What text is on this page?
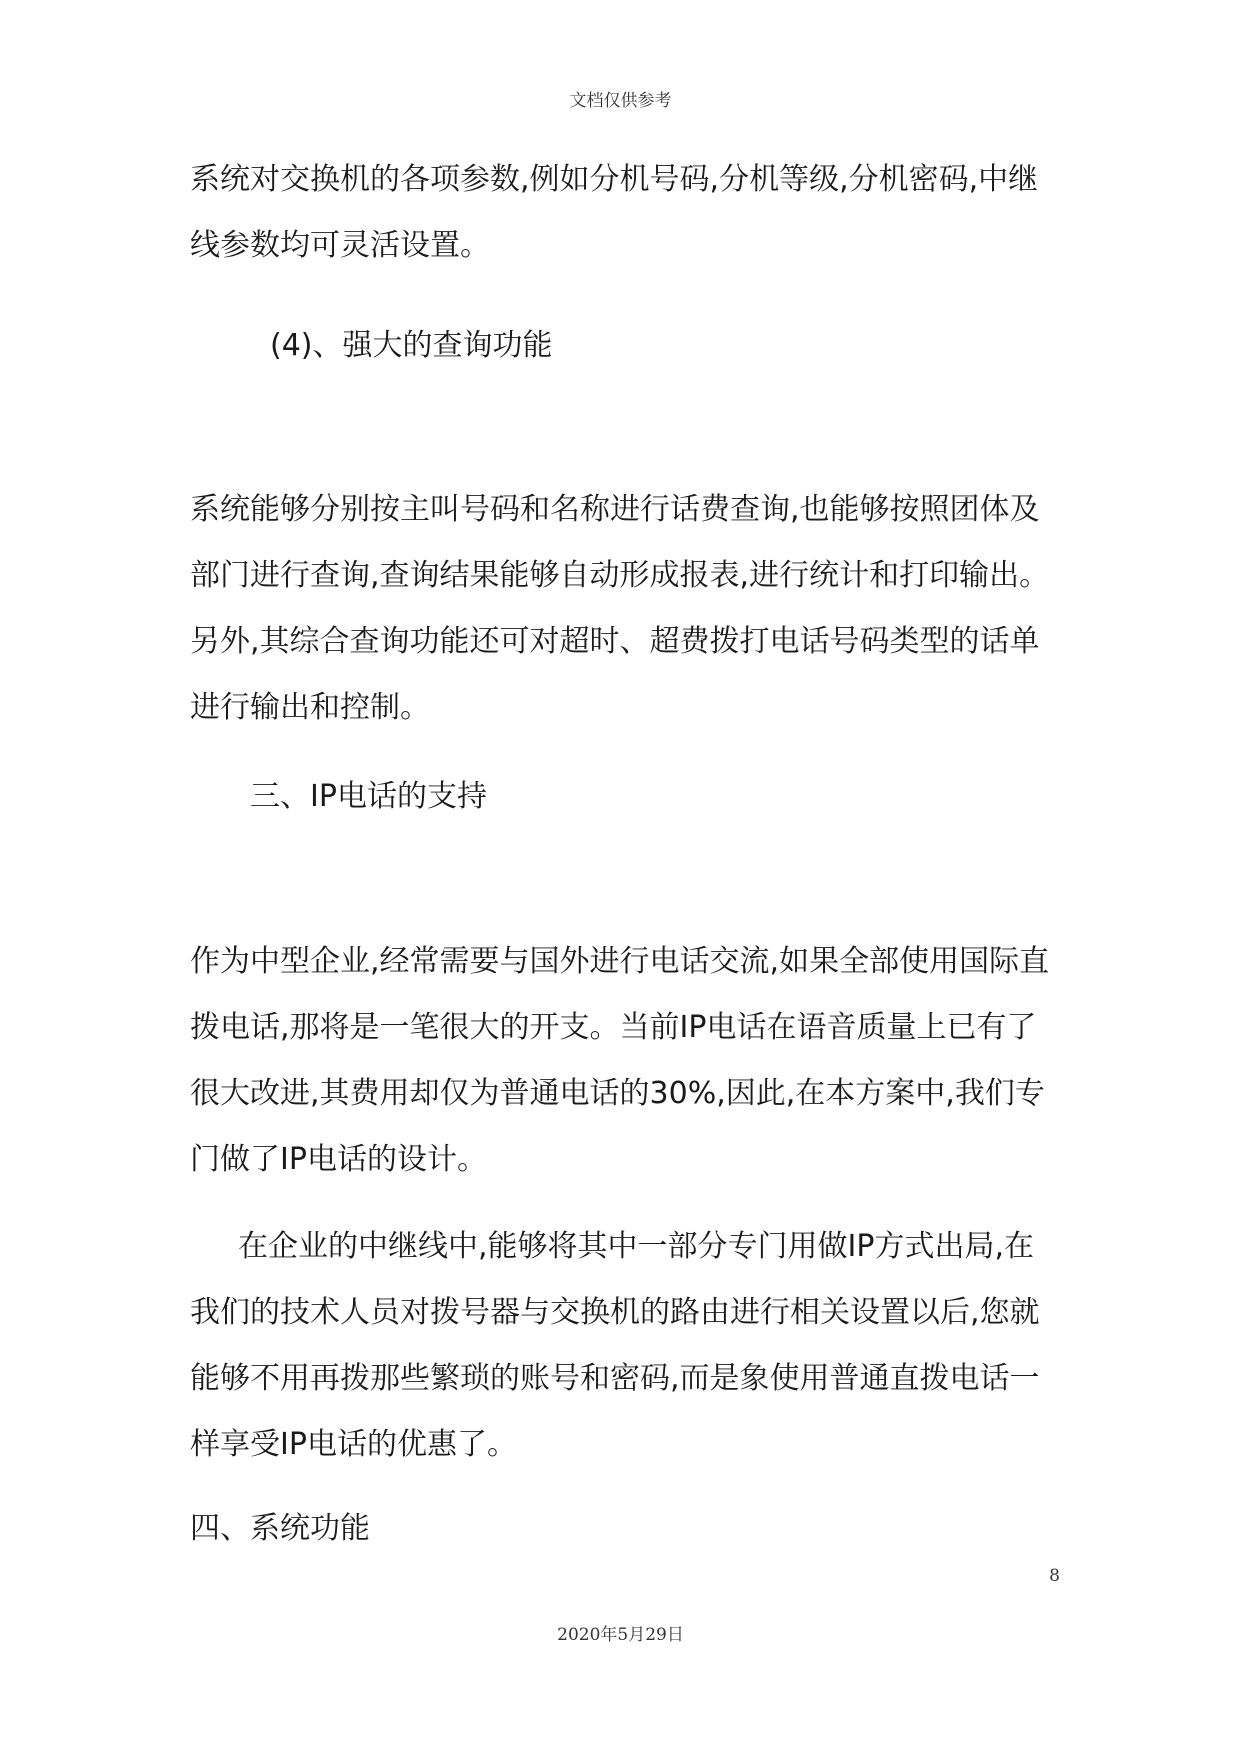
文档仅供参考

系统对交换机的各项参数,例如分机号码,分机等级,分机密码,中继线参数均可灵活设置。

(4)、强大的查询功能

系统能够分别按主叫号码和名称进行话费查询,也能够按照团体及部门进行查询,查询结果能够自动形成报表,进行统计和打印输出。另外,其综合查询功能还可对超时、超费拨打电话号码类型的话单进行输出和控制。

三、IP电话的支持

作为中型企业,经常需要与国外进行电话交流,如果全部使用国际直拨电话,那将是一笔很大的开支。当前IP电话在语音质量上已有了很大改进,其费用却仅为普通电话的30%,因此,在本方案中,我们专门做了IP电话的设计。

在企业的中继线中,能够将其中一部分专门用做IP方式出局,在我们的技术人员对拨号器与交换机的路由进行相关设置以后,您就能够不用再拨那些繁琐的账号和密码,而是象使用普通直拨电话一样享受IP电话的优惠了。

四、系统功能

8
2020年5月29日
